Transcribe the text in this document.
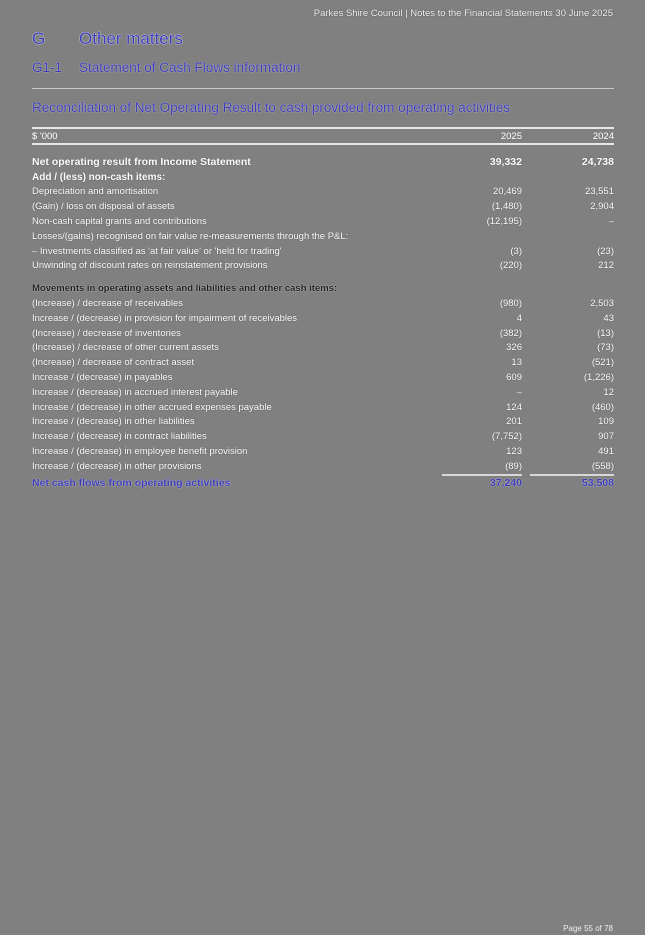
Parkes Shire Council | Notes to the Financial Statements 30 June 2025
G	Other matters
G1-1	Statement of Cash Flows information
Reconciliation of Net Operating Result to cash provided from operating activities
$ '000	2025	2024
Net operating result from Income Statement	39,332	24,738
Add / (less) non-cash items:
Depreciation and amortisation	20,469	23,551
(Gain) / loss on disposal of assets	(1,480)	2,904
Non-cash capital grants and contributions	(12,195)	–
Losses/(gains) recognised on fair value re-measurements through the P&L:
– Investments classified as 'at fair value' or 'held for trading'	(3)	(23)
Unwinding of discount rates on reinstatement provisions	(220)	212
Movements in operating assets and liabilities and other cash items:
(Increase) / decrease of receivables	(980)	2,503
Increase / (decrease) in provision for impairment of receivables	4	43
(Increase) / decrease of inventories	(382)	(13)
(Increase) / decrease of other current assets	326	(73)
(Increase) / decrease of contract asset	13	(521)
Increase / (decrease) in payables	609	(1,226)
Increase / (decrease) in accrued interest payable	–	12
Increase / (decrease) in other accrued expenses payable	124	(460)
Increase / (decrease) in other liabilities	201	109
Increase / (decrease) in contract liabilities	(7,752)	907
Increase / (decrease) in employee benefit provision	123	491
Increase / (decrease) in other provisions	(89)	(558)
Net cash flows from operating activities	37,240	53,508
Page 55 of 78
